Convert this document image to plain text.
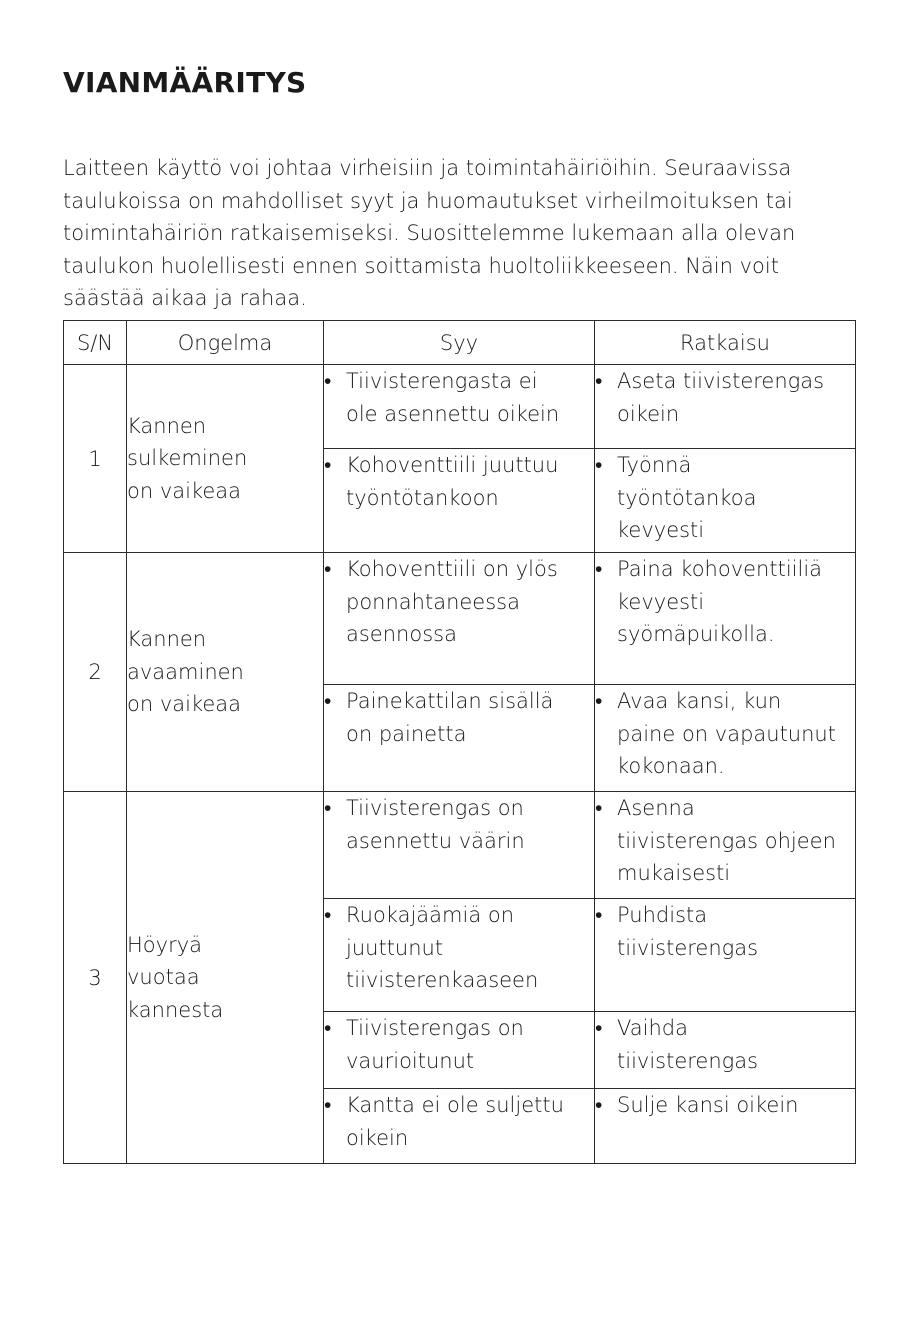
VIANMÄÄRITYS
Laitteen käyttö voi johtaa virheisiin ja toimintahäiriöihin. Seuraavissa
taulukoissa on mahdolliset syyt ja huomautukset virheilmoituksen tai
toimintahäiriön ratkaisemiseksi. Suosittelemme lukemaan alla olevan
taulukon huolellisesti ennen soittamista huoltoliikkeeseen. Näin voit
säästää aikaa ja rahaa.
S/N	Ongelma	Syy	Ratkaisu
1	Kannen
sulkeminen
on vaikeaa	• Tiivisterengasta ei
ole asennettu oikein	• Aseta tiivisterengas
oikein

		• Kohoventtiili juuttuu
työntötankoon	• Työnnä
työntötankoa
kevyesti

2	Kannen
avaaminen
on vaikeaa	• Kohoventtiili on ylös
ponnahtaneessa
asennossa	• Paina kohoventtiiliä
kevyesti
syömäpuikolla.

		• Painekattilan sisällä
on painetta	• Avaa kansi, kun
paine on vapautunut
kokonaan.

3	Höyryä
vuotaa
kannesta	• Tiivisterengas on
asennettu väärin	• Asenna
tiivisterengas ohjeen
mukaisesti

		• Ruokajäämiä on
juuttunut
tiivisterenkaaseen	• Puhdista
tiivisterengas

		• Tiivisterengas on
vaurioitunut	• Vaihda
tiivisterengas

		• Kantta ei ole suljettu
oikein	• Sulje kansi oikein
